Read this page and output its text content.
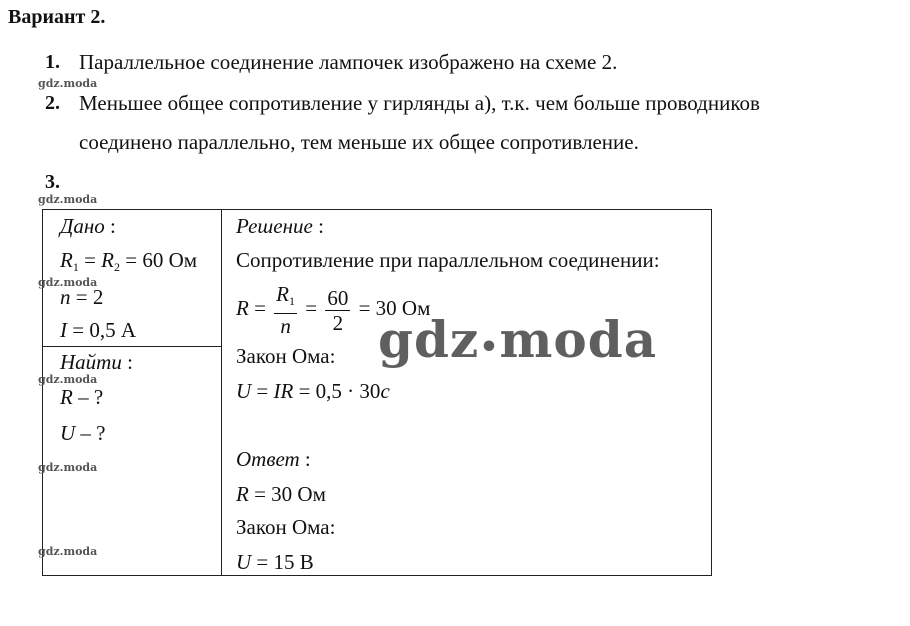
Вариант 2.
1. Параллельное соединение лампочек изображено на схеме 2.
gdz.moda
2. Меньшее общее сопротивление у гирлянды а), т.к. чем больше проводников
соединено параллельно, тем меньше их общее сопротивление.
3.
gdz.moda
Дано :
$R_1 = R_2 = 60$ Ом
n = 2
I = 0,5 А
Найти :
R – ?
U – ?
Решение :
Сопротивление при параллельном соединении:
$R = \frac{R_1}{n} = \frac{60}{2} = 30$ Ом
Закон Ома:
U = IR = 0,5 · 30c
Ответ :
R = 30 Ом
Закон Ома:
U = 15 В
gdz.moda
gdz.moda
gdz.moda
gdz.moda
gdz•moda
